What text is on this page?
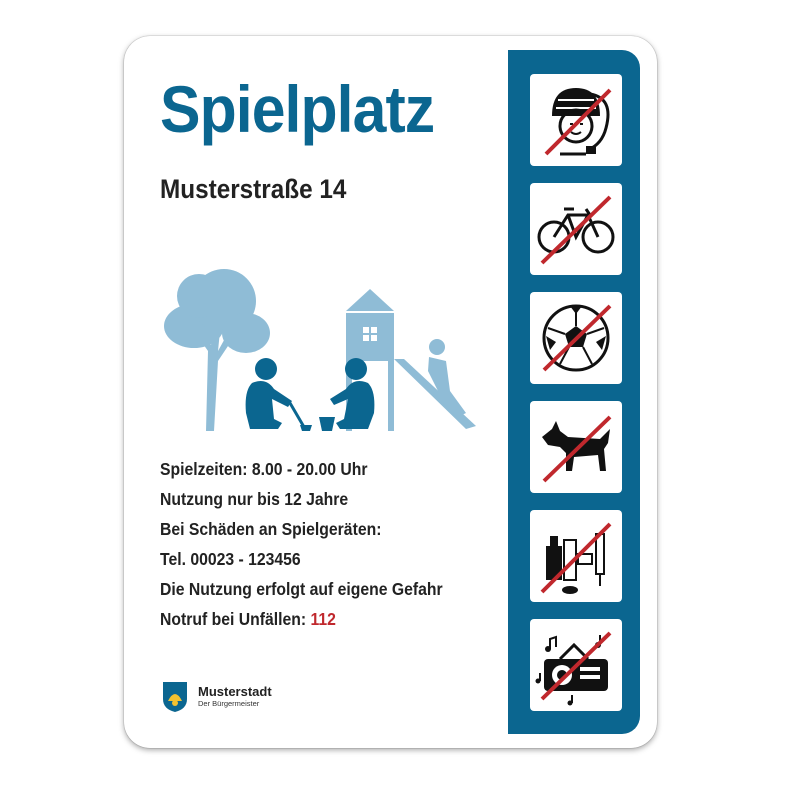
Spielplatz
Musterstraße 14
Spielzeiten: 8.00 - 20.00 Uhr
Nutzung nur bis 12 Jahre
Bei Schäden an Spielgeräten:
Tel. 00023 - 123456
Die Nutzung erfolgt auf eigene Gefahr
Notruf bei Unfällen: 112
Musterstadt
Der Bürgermeister
